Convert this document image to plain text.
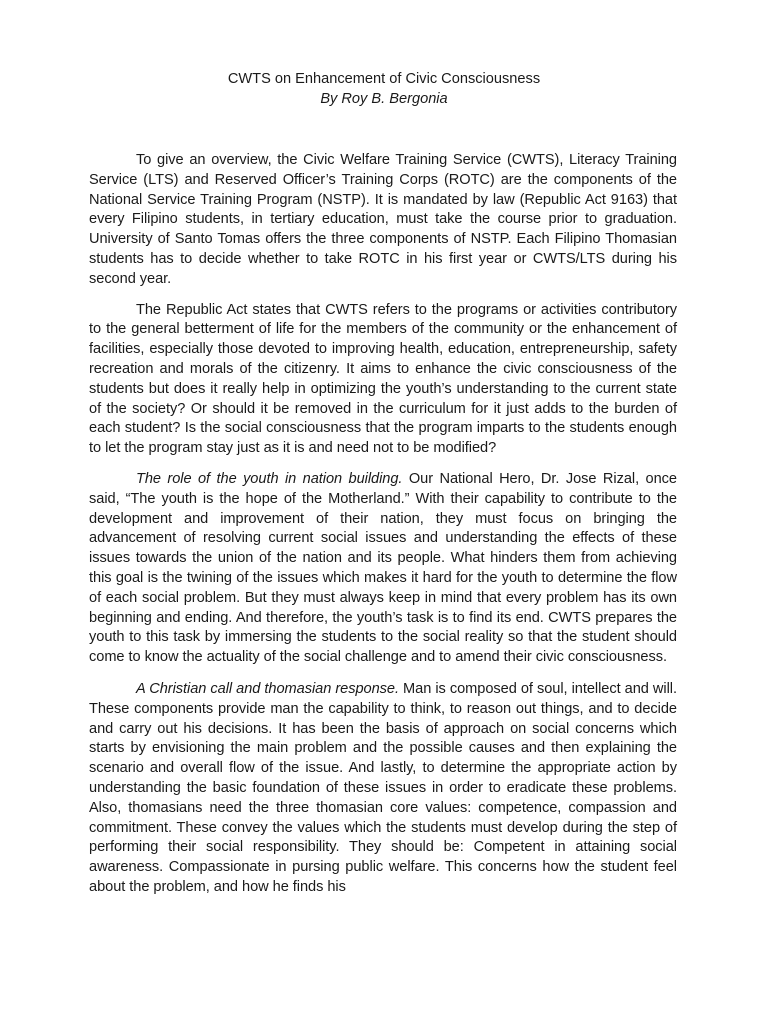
CWTS on Enhancement of Civic Consciousness
By Roy B. Bergonia

To give an overview, the Civic Welfare Training Service (CWTS), Literacy Training Service (LTS) and Reserved Officer’s Training Corps (ROTC) are the components of the National Service Training Program (NSTP). It is mandated by law (Republic Act 9163) that every Filipino students, in tertiary education, must take the course prior to graduation. University of Santo Tomas offers the three components of NSTP. Each Filipino Thomasian students has to decide whether to take ROTC in his first year or CWTS/LTS during his second year.

The Republic Act states that CWTS refers to the programs or activities contributory to the general betterment of life for the members of the community or the enhancement of facilities, especially those devoted to improving health, education, entrepreneurship, safety recreation and morals of the citizenry. It aims to enhance the civic consciousness of the students but does it really help in optimizing the youth’s understanding to the current state of the society? Or should it be removed in the curriculum for it just adds to the burden of each student? Is the social consciousness that the program imparts to the students enough to let the program stay just as it is and need not to be modified?

The role of the youth in nation building. Our National Hero, Dr. Jose Rizal, once said, “The youth is the hope of the Motherland.” With their capability to contribute to the development and improvement of their nation, they must focus on bringing the advancement of resolving current social issues and understanding the effects of these issues towards the union of the nation and its people. What hinders them from achieving this goal is the twining of the issues which makes it hard for the youth to determine the flow of each social problem. But they must always keep in mind that every problem has its own beginning and ending. And therefore, the youth’s task is to find its end. CWTS prepares the youth to this task by immersing the students to the social reality so that the student should come to know the actuality of the social challenge and to amend their civic consciousness.

A Christian call and thomasian response. Man is composed of soul, intellect and will. These components provide man the capability to think, to reason out things, and to decide and carry out his decisions. It has been the basis of approach on social concerns which starts by envisioning the main problem and the possible causes and then explaining the scenario and overall flow of the issue. And lastly, to determine the appropriate action by understanding the basic foundation of these issues in order to eradicate these problems. Also, thomasians need the three thomasian core values: competence, compassion and commitment. These convey the values which the students must develop during the step of performing their social responsibility. They should be: Competent in attaining social awareness. Compassionate in pursing public welfare. This concerns how the student feel about the problem, and how he finds his
